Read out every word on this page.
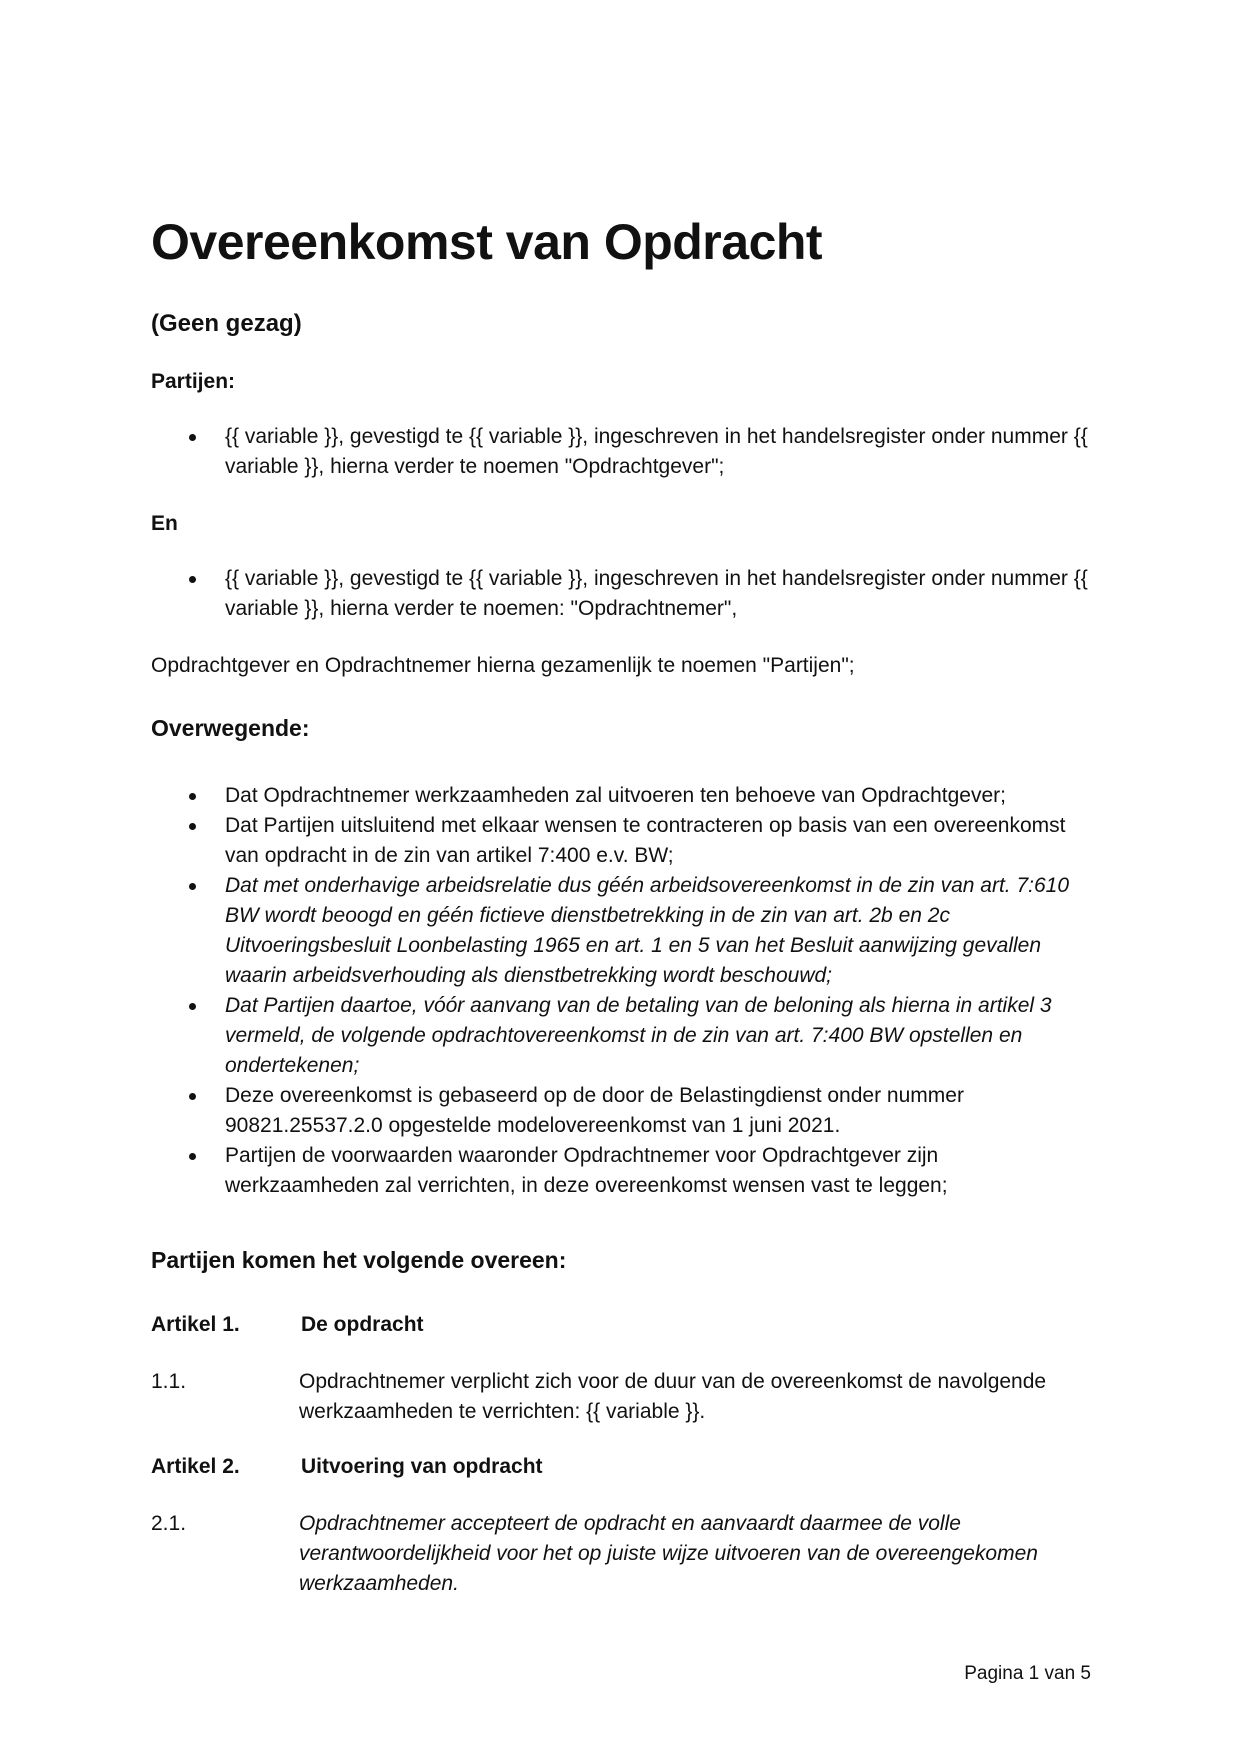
Overeenkomst van Opdracht
(Geen gezag)
Partijen:
{{ variable }}, gevestigd te {{ variable }}, ingeschreven in het handelsregister onder nummer {{ variable }}, hierna verder te noemen "Opdrachtgever";
En
{{ variable }}, gevestigd te {{ variable }}, ingeschreven in het handelsregister onder nummer {{ variable }}, hierna verder te noemen: "Opdrachtnemer",
Opdrachtgever en Opdrachtnemer hierna gezamenlijk te noemen "Partijen";
Overwegende:
Dat Opdrachtnemer werkzaamheden zal uitvoeren ten behoeve van Opdrachtgever;
Dat Partijen uitsluitend met elkaar wensen te contracteren op basis van een overeenkomst van opdracht in de zin van artikel 7:400 e.v. BW;
Dat met onderhavige arbeidsrelatie dus géén arbeidsovereenkomst in de zin van art. 7:610 BW wordt beoogd en géén fictieve dienstbetrekking in de zin van art. 2b en 2c Uitvoeringsbesluit Loonbelasting 1965 en art. 1 en 5 van het Besluit aanwijzing gevallen waarin arbeidsverhouding als dienstbetrekking wordt beschouwd;
Dat Partijen daartoe, vóór aanvang van de betaling van de beloning als hierna in artikel 3 vermeld, de volgende opdrachtovereenkomst in de zin van art. 7:400 BW opstellen en ondertekenen;
Deze overeenkomst is gebaseerd op de door de Belastingdienst onder nummer 90821.25537.2.0 opgestelde modelovereenkomst van 1 juni 2021.
Partijen de voorwaarden waaronder Opdrachtnemer voor Opdrachtgever zijn werkzaamheden zal verrichten, in deze overeenkomst wensen vast te leggen;
Partijen komen het volgende overeen:
Artikel 1.	De opdracht
1.1.	Opdrachtnemer verplicht zich voor de duur van de overeenkomst de navolgende werkzaamheden te verrichten: {{ variable }}.
Artikel 2.	Uitvoering van opdracht
2.1.	Opdrachtnemer accepteert de opdracht en aanvaardt daarmee de volle verantwoordelijkheid voor het op juiste wijze uitvoeren van de overeengekomen werkzaamheden.
Pagina 1 van 5
